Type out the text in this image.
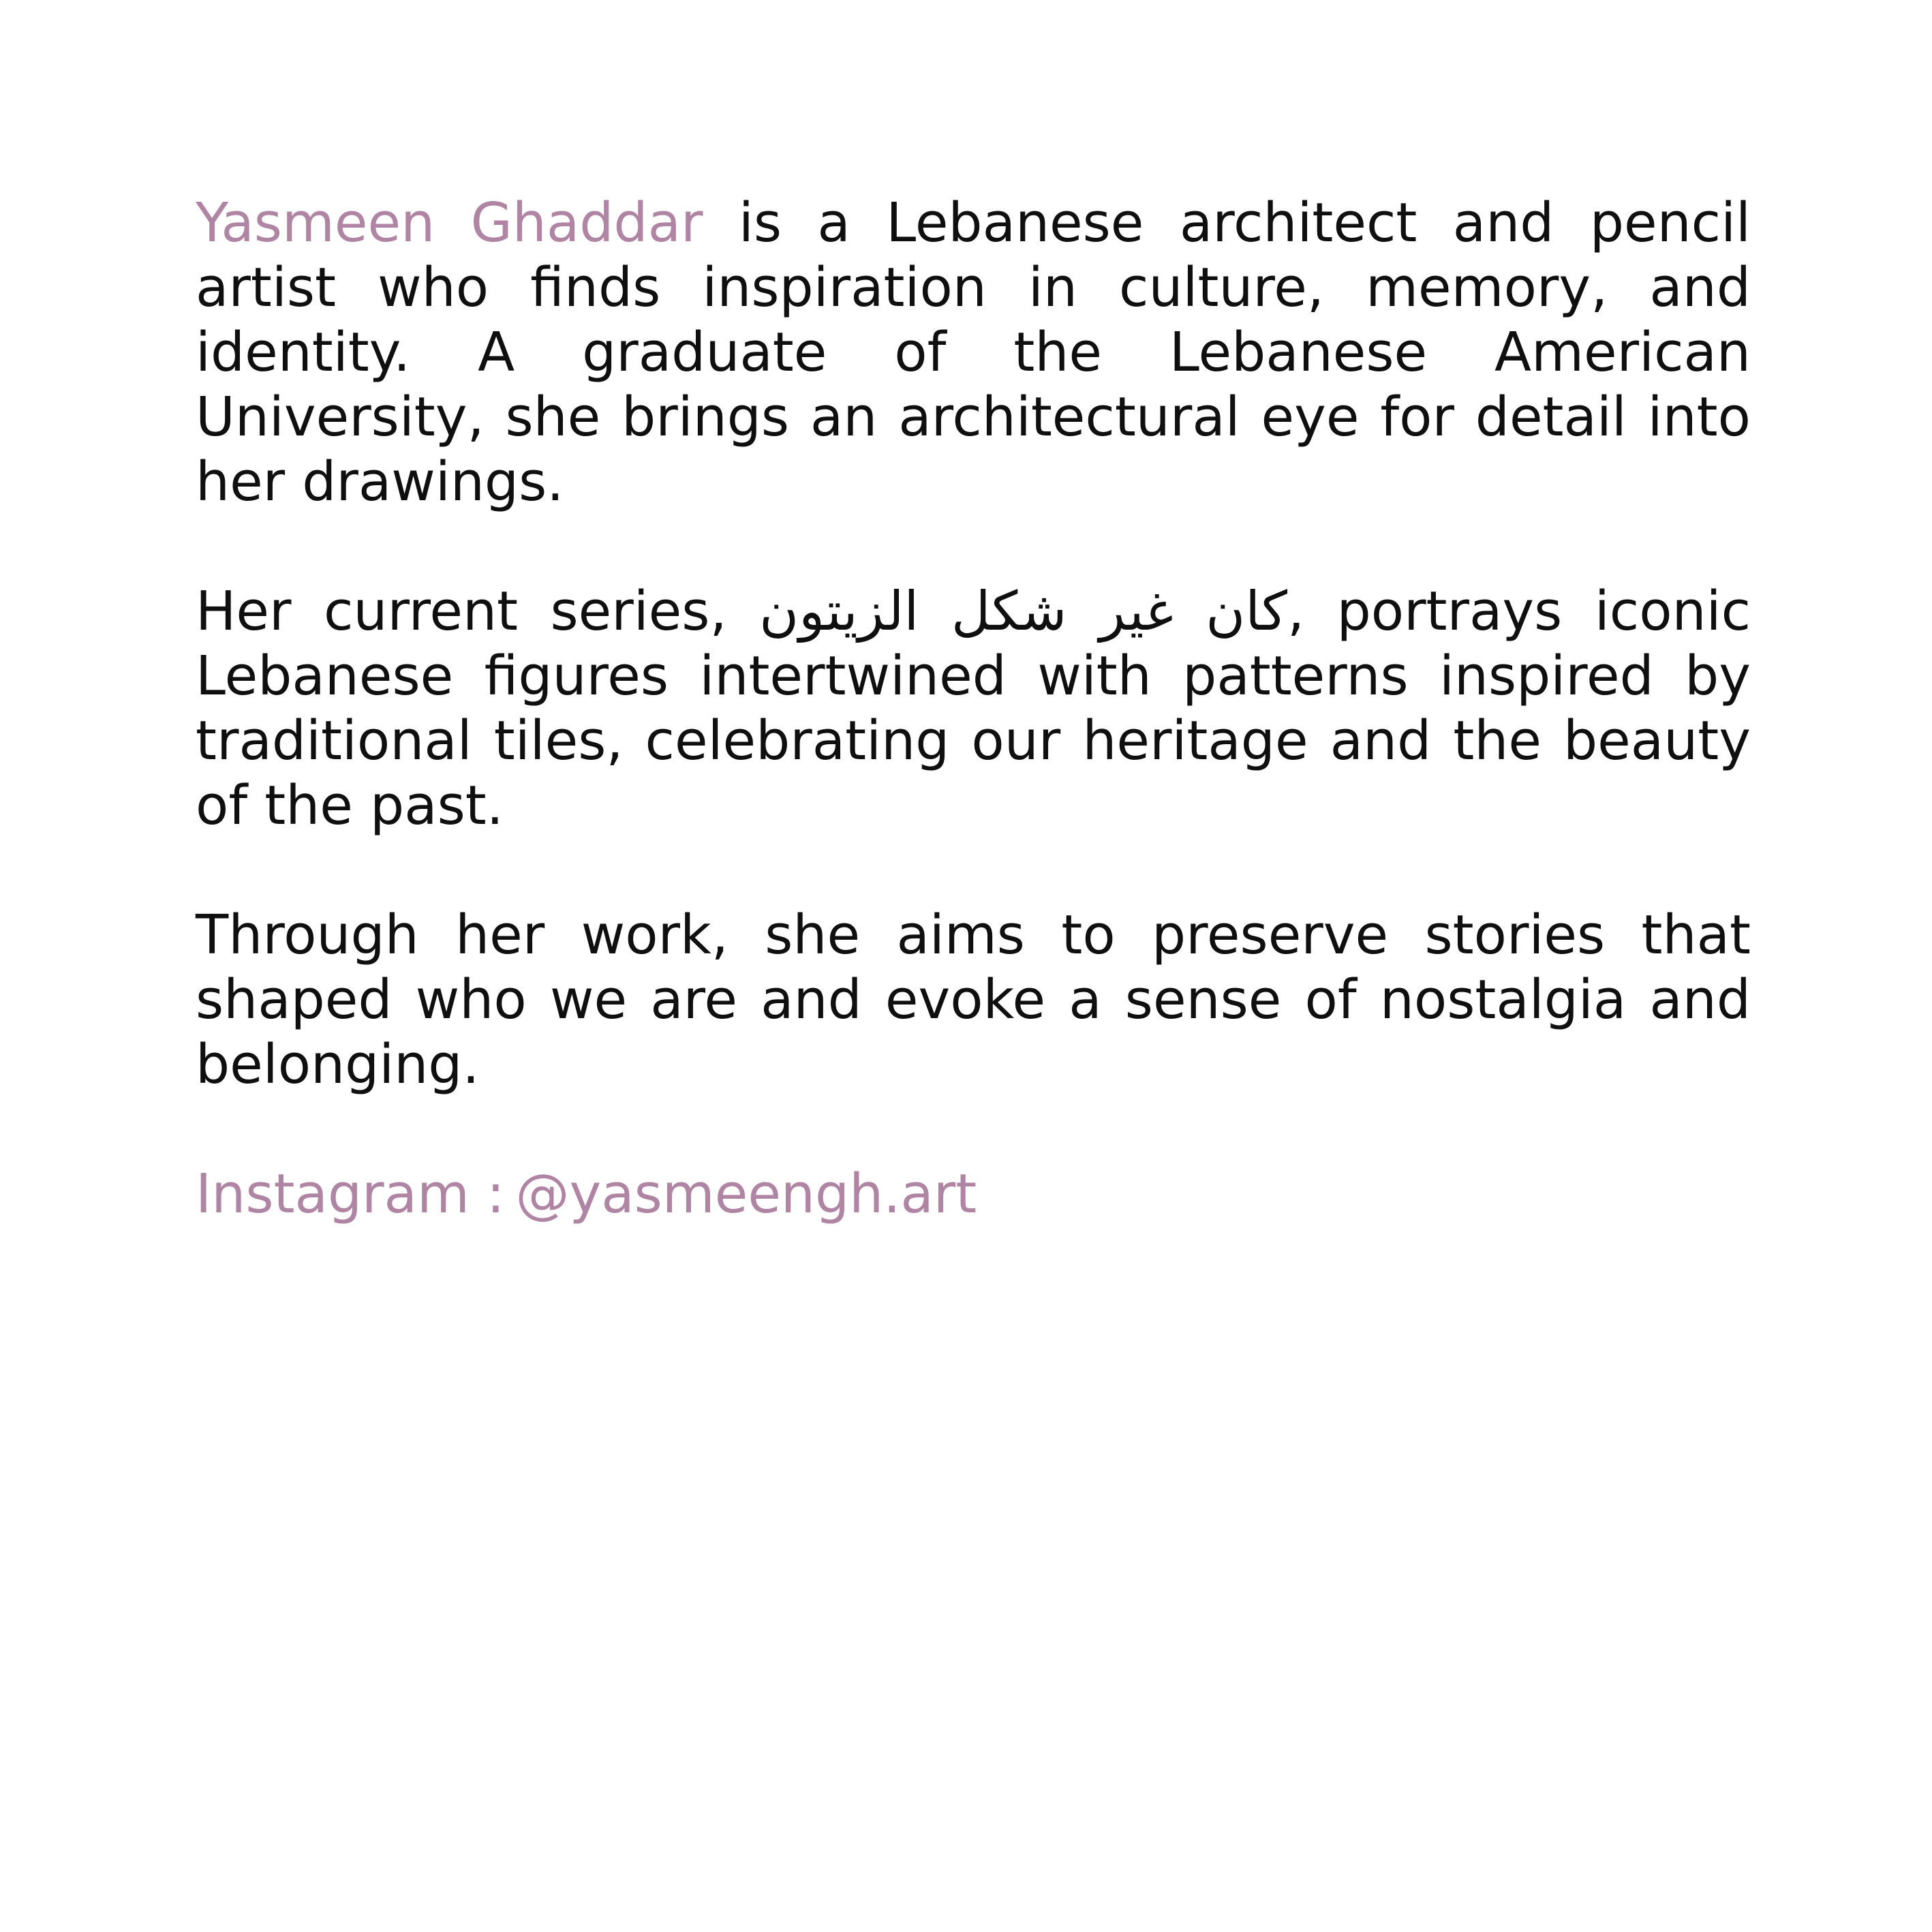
Yasmeen Ghaddar is a Lebanese architect and pencil artist who finds inspiration in culture, memory, and identity. A graduate of the Lebanese American University, she brings an architectural eye for detail into her drawings.

Her current series, كان غير شكل الزيتون, portrays iconic Lebanese figures intertwined with patterns inspired by traditional tiles, celebrating our heritage and the beauty of the past.

Through her work, she aims to preserve stories that shaped who we are and evoke a sense of nostalgia and belonging.

Instagram : @yasmeengh.art
